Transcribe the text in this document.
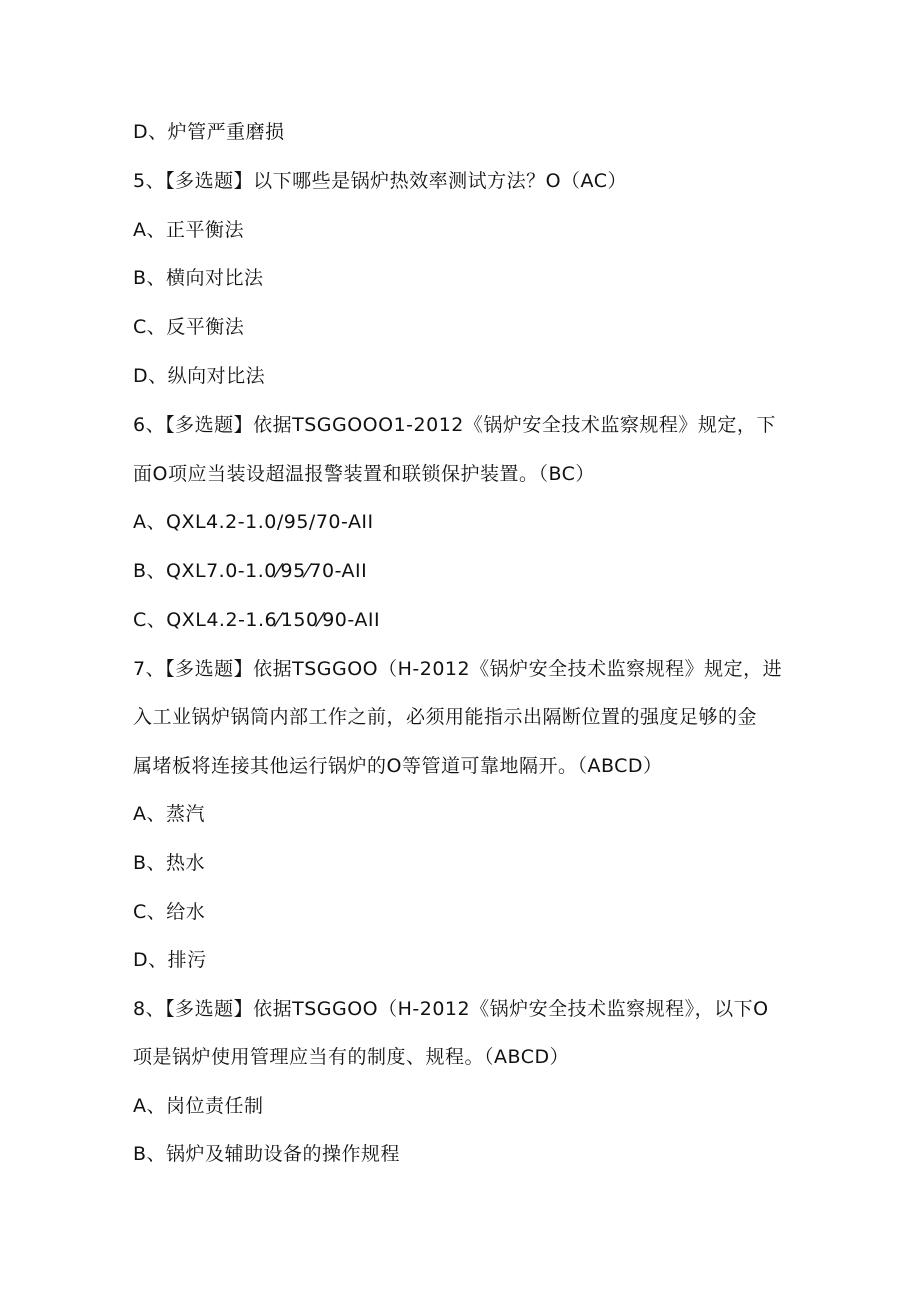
D、炉管严重磨损
5、【多选题】以下哪些是锅炉热效率测试方法？O（AC）
A、正平衡法
B、横向对比法
C、反平衡法
D、纵向对比法
6、【多选题】依据TSGGOOO1-2012《锅炉安全技术监察规程》规定，下
面O项应当装设超温报警装置和联锁保护装置。（BC）
A、QXL4.2-1.0/95/70-AII
B、QXL7.0-1.0⁄95⁄70-AII
C、QXL4.2-1.6⁄150⁄90-AII
7、【多选题】依据TSGGOO（H-2012《锅炉安全技术监察规程》规定，进
入工业锅炉锅筒内部工作之前，必须用能指示出隔断位置的强度足够的金
属堵板将连接其他运行锅炉的O等管道可靠地隔开。（ABCD）
A、蒸汽
B、热水
C、给水
D、排污
8、【多选题】依据TSGGOO（H-2012《锅炉安全技术监察规程》，以下O
项是锅炉使用管理应当有的制度、规程。（ABCD）
A、岗位责任制
B、锅炉及辅助设备的操作规程
